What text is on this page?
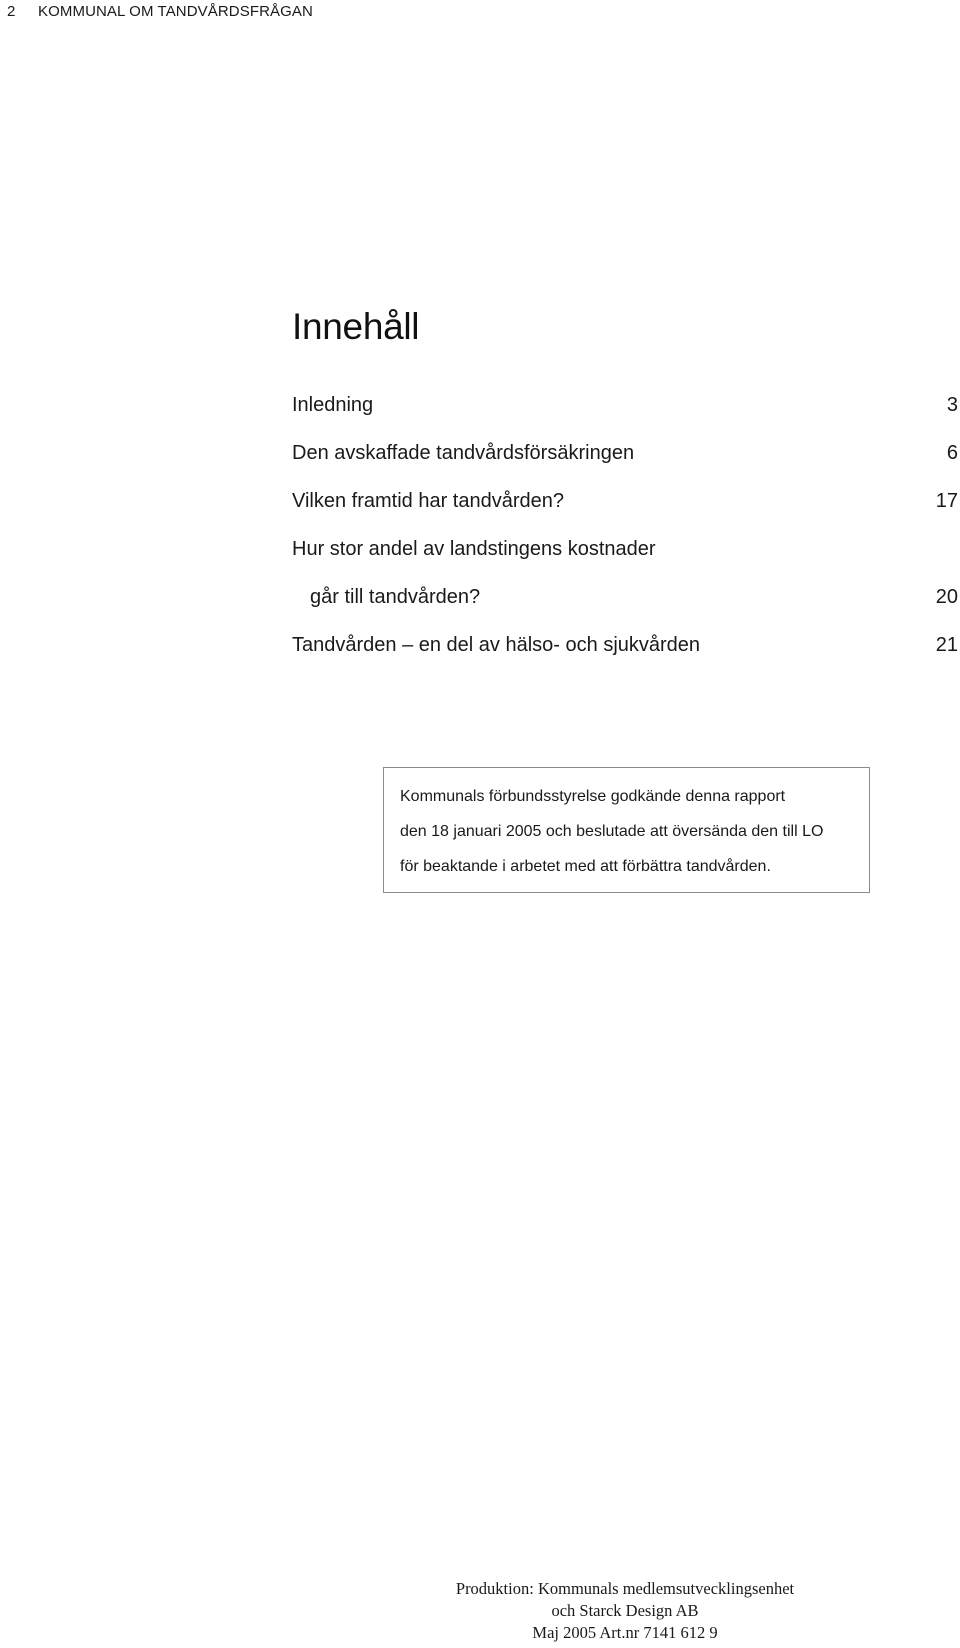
2 KOMMUNAL OM TANDVÅRDSFRÅGAN
Innehåll
Inledning	3
Den avskaffade tandvårdsförsäkringen	6
Vilken framtid har tandvården?	17
Hur stor andel av landstingens kostnader
går till tandvården?	20
Tandvården – en del av hälso- och sjukvården	21
Kommunals förbundsstyrelse godkände denna rapport
den 18 januari 2005 och beslutade att översända den till LO
för beaktande i arbetet med att förbättra tandvården.
Produktion: Kommunals medlemsutvecklingsenhet
och Starck Design AB
Maj 2005 Art.nr 7141 612 9
